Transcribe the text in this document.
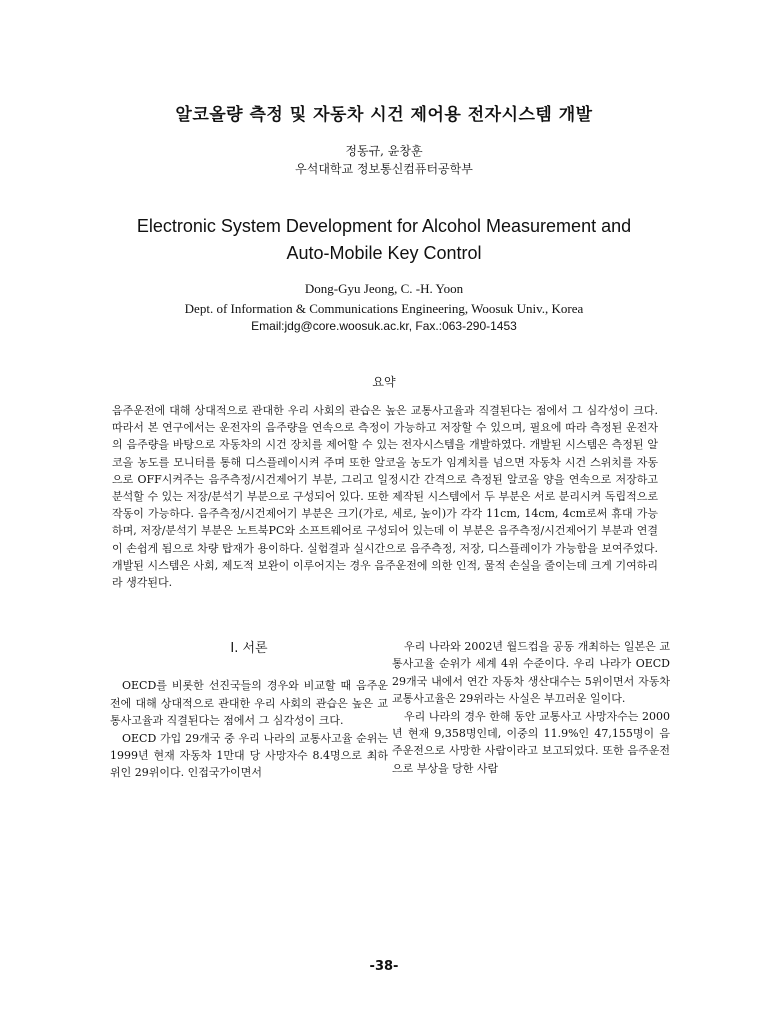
알코올량 측정 및 자동차 시건 제어용 전자시스템 개발
정동규, 윤창훈
우석대학교 정보통신컴퓨터공학부
Electronic System Development for Alcohol Measurement and
Auto-Mobile Key Control
Dong-Gyu Jeong, C. -H. Yoon
Dept. of Information & Communications Engineering, Woosuk Univ., Korea
Email:jdg@core.woosuk.ac.kr, Fax.:063-290-1453
요약

음주운전에 대해 상대적으로 관대한 우리 사회의 관습은 높은 교통사고율과 직결된다는 점에서 그 심각성이 크다. 따라서 본 연구에서는 운전자의 음주량을 연속으로 측정이 가능하고 저장할 수 있으며, 필요에 따라 측정된 운전자의 음주량을 바탕으로 자동차의 시건 장치를 제어할 수 있는 전자시스템을 개발하였다. 개발된 시스템은 측정된 알코올 농도를 모니터를 통해 디스플레이시켜 주며 또한 알코올 농도가 임계치를 넘으면 자동차 시건 스위치를 자동으로 OFF시켜주는 음주측정/시건제어기 부분, 그리고 일정시간 간격으로 측정된 알코올 양을 연속으로 저장하고 분석할 수 있는 저장/분석기 부분으로 구성되어 있다. 또한 제작된 시스템에서 두 부분은 서로 분리시켜 독립적으로 작동이 가능하다. 음주측정/시건제어기 부분은 크기(가로, 세로, 높이)가 각각 11cm, 14cm, 4cm로써 휴대 가능하며, 저장/분석기 부분은 노트북PC와 소프트웨어로 구성되어 있는데 이 부분은 음주측정/시건제어기 부분과 연결이 손쉽게 됨으로 차량 탑재가 용이하다. 실험결과 실시간으로 음주측정, 저장, 디스플레이가 가능함을 보여주었다. 개발된 시스템은 사회, 제도적 보완이 이루어지는 경우 음주운전에 의한 인적, 물적 손실을 줄이는데 크게 기여하리라 생각된다.

I. 서론

OECD를 비롯한 선진국들의 경우와 비교할 때 음주운전에 대해 상대적으로 관대한 우리 사회의 관습은 높은 교통사고율과 직결된다는 점에서 그 심각성이 크다.

OECD 가입 29개국 중 우리 나라의 교통사고율 순위는 1999년 현재 자동차 1만대 당 사망자수 8.4명으로 최하위인 29위이다. 인접국가이면서

우리 나라와 2002년 월드컵을 공동 개최하는 일본은 교통사고율 순위가 세계 4위 수준이다. 우리 나라가 OECD 29개국 내에서 연간 자동차 생산대수는 5위이면서 자동차 교통사고율은 29위라는 사실은 부끄러운 일이다.

우리 나라의 경우 한해 동안 교통사고 사망자수는 2000년 현재 9,358명인데, 이중의 11.9%인 47,155명이 음주운전으로 사망한 사람이라고 보고되었다. 또한 음주운전으로 부상을 당한 사람

-38-
